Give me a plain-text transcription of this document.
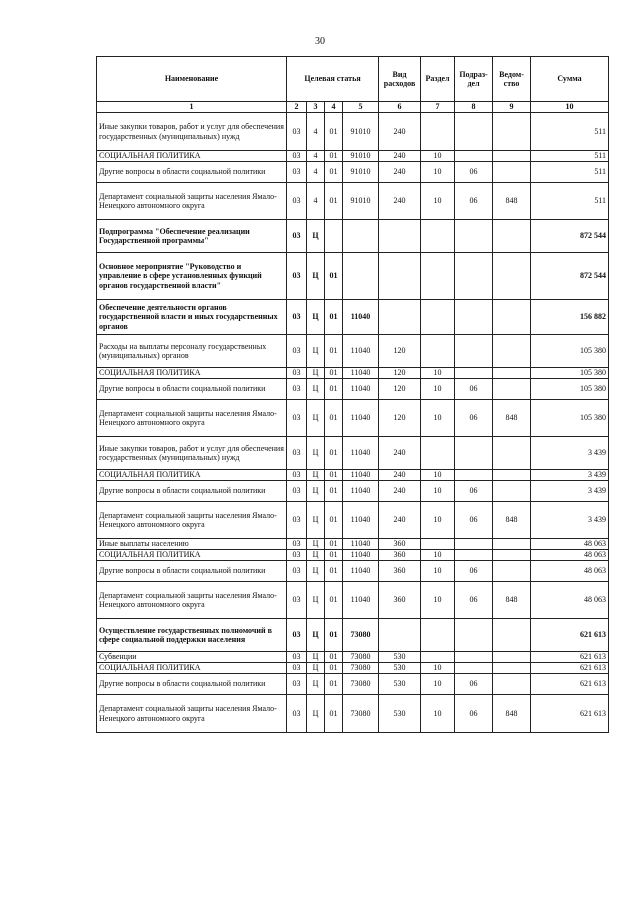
30
Наименование	Целевая статья				Вид расходов	Раздел	Подраз-дел	Ведом-ство	Сумма
1	2	3	4	5	6	7	8	9	10
Иные закупки товаров, работ и услуг для обеспечения государственных (муниципальных) нужд	03	4	01	91010	240				511
СОЦИАЛЬНАЯ ПОЛИТИКА	03	4	01	91010	240	10			511
Другие вопросы в области социальной политики	03	4	01	91010	240	10	06		511
Департамент социальной защиты населения Ямало-Ненецкого автономного округа	03	4	01	91010	240	10	06	848	511
Подпрограмма "Обеспечение реализации Государственной программы"	03	Ц							872 544
Основное мероприятие "Руководство и управление в сфере установленных функций органов государственной власти"	03	Ц	01						872 544
Обеспечение деятельности органов государственной власти и иных государственных органов	03	Ц	01	11040					156 882
Расходы на выплаты персоналу государственных (муниципальных) органов	03	Ц	01	11040	120				105 380
СОЦИАЛЬНАЯ ПОЛИТИКА	03	Ц	01	11040	120	10			105 380
Другие вопросы в области социальной политики	03	Ц	01	11040	120	10	06		105 380
Департамент социальной защиты населения Ямало-Ненецкого автономного округа	03	Ц	01	11040	120	10	06	848	105 380
Иные закупки товаров, работ и услуг для обеспечения государственных (муниципальных) нужд	03	Ц	01	11040	240				3 439
СОЦИАЛЬНАЯ ПОЛИТИКА	03	Ц	01	11040	240	10			3 439
Другие вопросы в области социальной политики	03	Ц	01	11040	240	10	06		3 439
Департамент социальной защиты населения Ямало-Ненецкого автономного округа	03	Ц	01	11040	240	10	06	848	3 439
Иные выплаты населению	03	Ц	01	11040	360				48 063
СОЦИАЛЬНАЯ ПОЛИТИКА	03	Ц	01	11040	360	10			48 063
Другие вопросы в области социальной политики	03	Ц	01	11040	360	10	06		48 063
Департамент социальной защиты населения Ямало-Ненецкого автономного округа	03	Ц	01	11040	360	10	06	848	48 063
Осуществление государственных полномочий в сфере социальной поддержки населения	03	Ц	01	73080					621 613
Субвенции	03	Ц	01	73080	530				621 613
СОЦИАЛЬНАЯ ПОЛИТИКА	03	Ц	01	73080	530	10			621 613
Другие вопросы в области социальной политики	03	Ц	01	73080	530	10	06		621 613
Департамент социальной защиты населения Ямало-Ненецкого автономного округа	03	Ц	01	73080	530	10	06	848	621 613
